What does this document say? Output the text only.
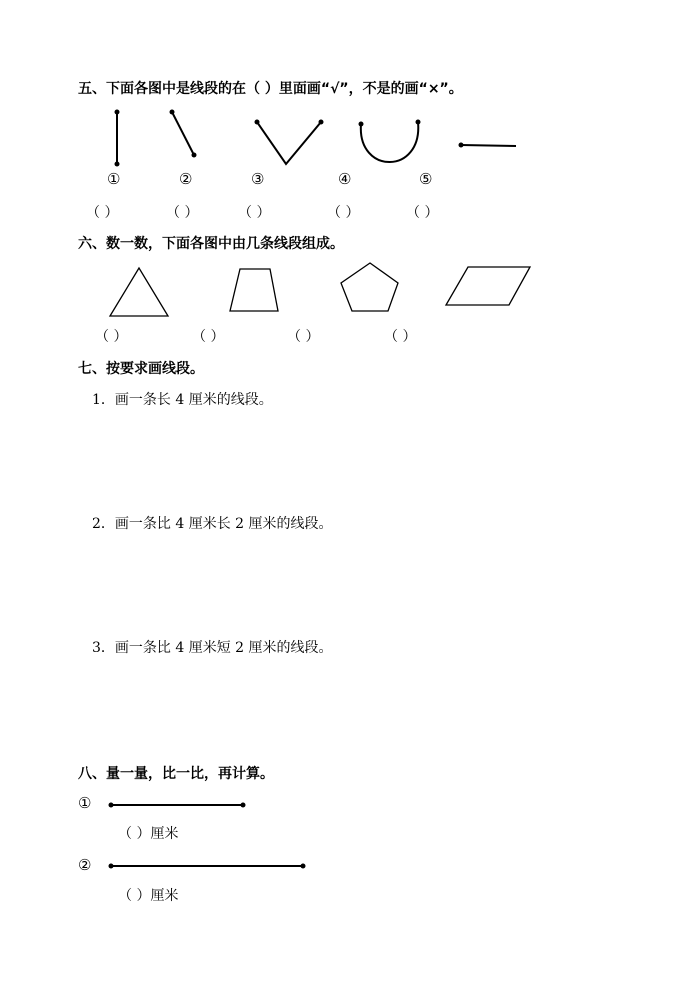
五、下面各图中是线段的在（ ）里面画“√”，不是的画“×”。
①	②	③	④	⑤
（ ）	（ ）	（ ）	（ ）	（ ）
六、数一数，下面各图中由几条线段组成。
（ ）	（ ）	（ ）	（ ）
七、按要求画线段。
1．画一条长 4 厘米的线段。
2．画一条比 4 厘米长 2 厘米的线段。
3．画一条比 4 厘米短 2 厘米的线段。
八、量一量，比一比，再计算。
①
②
（ ）厘米
（ ）厘米
